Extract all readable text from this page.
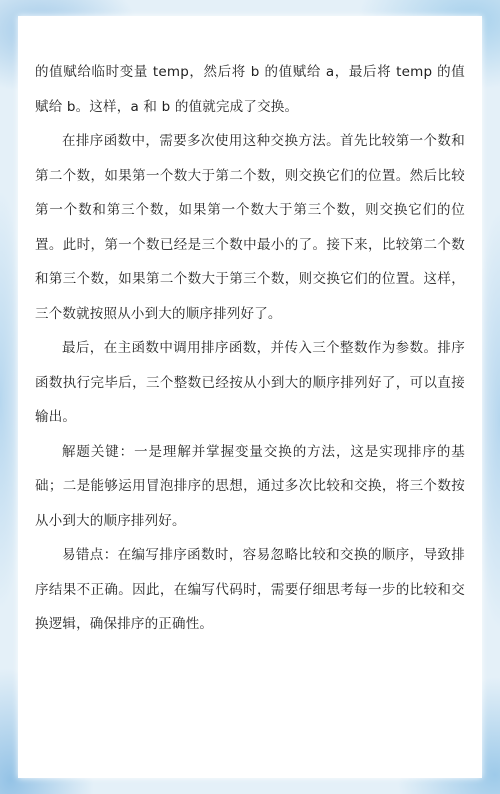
的值赋给临时变量 temp，然后将 b 的值赋给 a，最后将 temp 的值赋给 b。这样，a 和 b 的值就完成了交换。

在排序函数中，需要多次使用这种交换方法。首先比较第一个数和第二个数，如果第一个数大于第二个数，则交换它们的位置。然后比较第一个数和第三个数，如果第一个数大于第三个数，则交换它们的位置。此时，第一个数已经是三个数中最小的了。接下来，比较第二个数和第三个数，如果第二个数大于第三个数，则交换它们的位置。这样，三个数就按照从小到大的顺序排列好了。

最后，在主函数中调用排序函数，并传入三个整数作为参数。排序函数执行完毕后，三个整数已经按从小到大的顺序排列好了，可以直接输出。

解题关键：一是理解并掌握变量交换的方法，这是实现排序的基础；二是能够运用冒泡排序的思想，通过多次比较和交换，将三个数按从小到大的顺序排列好。

易错点：在编写排序函数时，容易忽略比较和交换的顺序，导致排序结果不正确。因此，在编写代码时，需要仔细思考每一步的比较和交换逻辑，确保排序的正确性。
